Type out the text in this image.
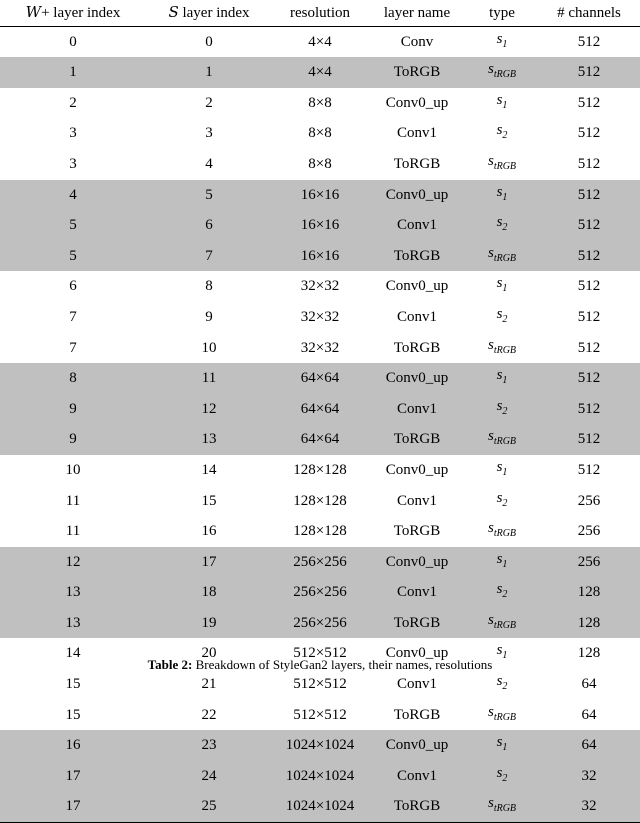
W+ layer index	S layer index	resolution	layer name	type	# channels
0	0	4×4	Conv	$s_1$	512
1	1	4×4	ToRGB	$s_{tRGB}$	512
2	2	8×8	Conv0_up	$s_1$	512
3	3	8×8	Conv1	$s_2$	512
3	4	8×8	ToRGB	$s_{tRGB}$	512
4	5	16×16	Conv0_up	$s_1$	512
5	6	16×16	Conv1	$s_2$	512
5	7	16×16	ToRGB	$s_{tRGB}$	512
6	8	32×32	Conv0_up	$s_1$	512
7	9	32×32	Conv1	$s_2$	512
7	10	32×32	ToRGB	$s_{tRGB}$	512
8	11	64×64	Conv0_up	$s_1$	512
9	12	64×64	Conv1	$s_2$	512
9	13	64×64	ToRGB	$s_{tRGB}$	512
10	14	128×128	Conv0_up	$s_1$	512
11	15	128×128	Conv1	$s_2$	256
11	16	128×128	ToRGB	$s_{tRGB}$	256
12	17	256×256	Conv0_up	$s_1$	256
13	18	256×256	Conv1	$s_2$	128
13	19	256×256	ToRGB	$s_{tRGB}$	128
14	20	512×512	Conv0_up	$s_1$	128
15	21	512×512	Conv1	$s_2$	64
15	22	512×512	ToRGB	$s_{tRGB}$	64
16	23	1024×1024	Conv0_up	$s_1$	64
17	24	1024×1024	Conv1	$s_2$	32
17	25	1024×1024	ToRGB	$s_{tRGB}$	32
Table 2: Breakdown of StyleGan2 layers, their names, resolutions
